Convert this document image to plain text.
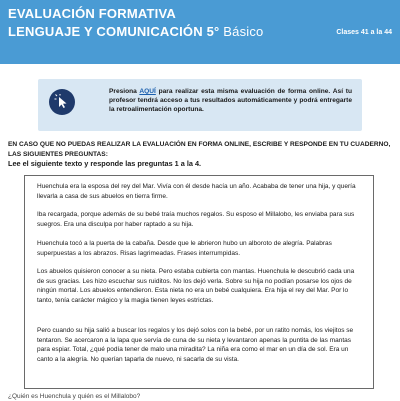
EVALUACIÓN FORMATIVA
LENGUAJE Y COMUNICACIÓN 5° Básico	Clases 41 a la 44
Presiona AQUÍ para realizar esta misma evaluación de forma online. Así tu profesor tendrá acceso a tus resultados automáticamente y podrá entregarte la retroalimentación oportuna.
EN CASO QUE NO PUEDAS REALIZAR LA EVALUACIÓN EN FORMA ONLINE, ESCRIBE Y RESPONDE EN TU CUADERNO, LAS SIGUIENTES PREGUNTAS:
Lee el siguiente texto y responde las preguntas 1 a la 4.

Huenchula era la esposa del rey del Mar. Vivía con él desde hacía un año. Acababa de tener una hija, y quería llevarla a casa de sus abuelos en tierra firme.

Iba recargada, porque además de su bebé traía muchos regalos. Su esposo el Millalobo, les enviaba para sus suegros. Era una disculpa por haber raptado a su hija.

Huenchula tocó a la puerta de la cabaña. Desde que le abrieron hubo un alboroto de alegría. Palabras superpuestas a los abrazos. Risas lagrimeadas. Frases interrumpidas.

Los abuelos quisieron conocer a su nieta. Pero estaba cubierta con mantas. Huenchula le descubrió cada una de sus gracias. Les hizo escuchar sus ruiditos. No los dejó verla. Sobre su hija no podían posarse los ojos de ningún mortal. Los abuelos entendieron. Esta nieta no era un bebé cualquiera. Era hija el rey del Mar. Por lo tanto, tenía carácter mágico y la magia tienen leyes estrictas.

Pero cuando su hija salió a buscar los regalos y los dejó solos con la bebé, por un ratito nomás, los viejitos se tentaron. Se acercaron a la lapa que servía de cuna de su nieta y levantaron apenas la puntita de las mantas para espiar. Total, ¿qué podía tener de malo una miradita? La niña era como el mar en un día de sol. Era un canto a la alegría. No querían taparla de nuevo, ni sacarla de su vista.

¿Quién es Huenchula y quién es el Millalobo?
